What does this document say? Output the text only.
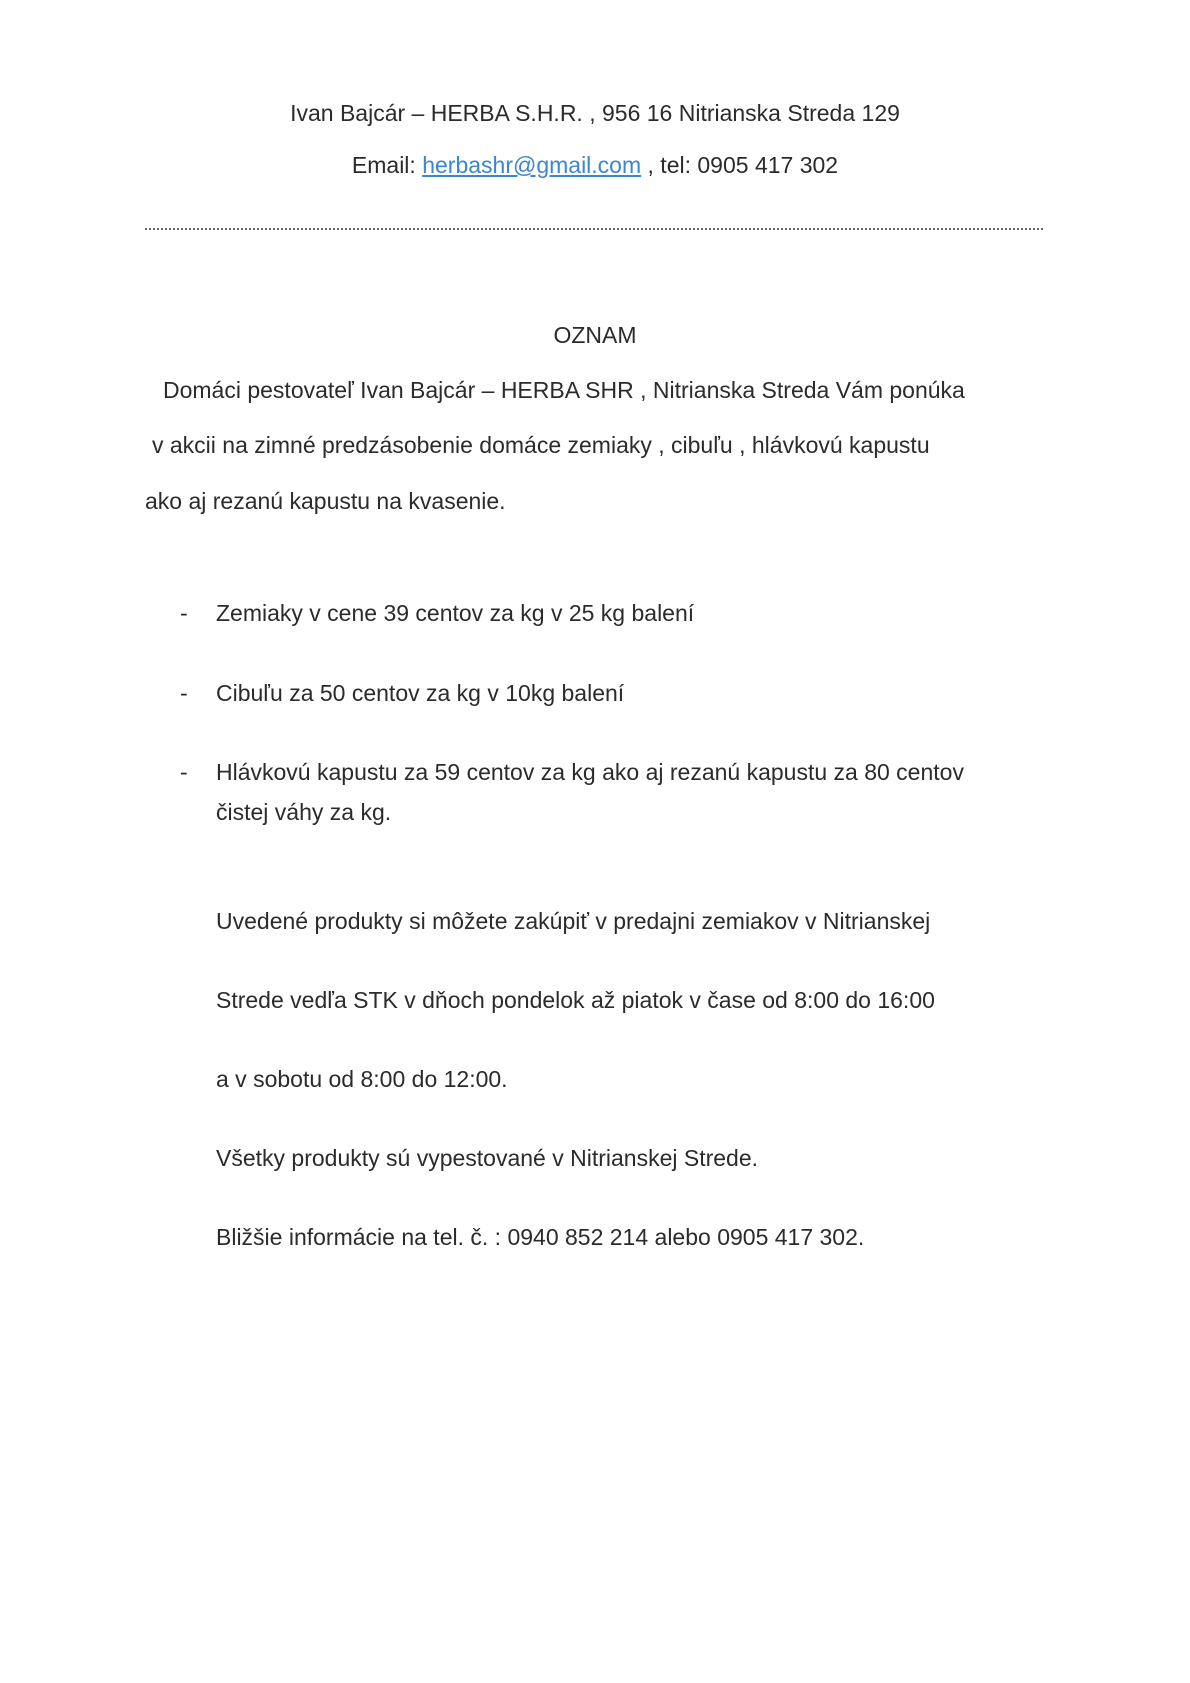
Ivan Bajcár – HERBA S.H.R. , 956 16 Nitrianska Streda 129
Email: herbashr@gmail.com , tel: 0905 417 302
OZNAM
Domáci pestovateľ Ivan Bajcár – HERBA SHR , Nitrianska Streda Vám ponúka
v akcii na zimné predzásobenie domáce zemiaky , cibuľu , hlávkovú kapustu
ako aj rezanú kapustu na kvasenie.
- Zemiaky v cene 39 centov za kg v 25 kg balení
- Cibuľu za 50 centov za kg v 10kg balení
- Hlávkovú kapustu za 59 centov za kg ako aj rezanú kapustu za 80 centov
čistej váhy za kg.
Uvedené produkty si môžete zakúpiť v predajni zemiakov v Nitrianskej
Strede vedľa STK v dňoch pondelok až piatok v čase od 8:00 do 16:00
a v sobotu od 8:00 do 12:00.
Všetky produkty sú vypestované v Nitrianskej Strede.
Bližšie informácie na tel. č. : 0940 852 214 alebo 0905 417 302.
